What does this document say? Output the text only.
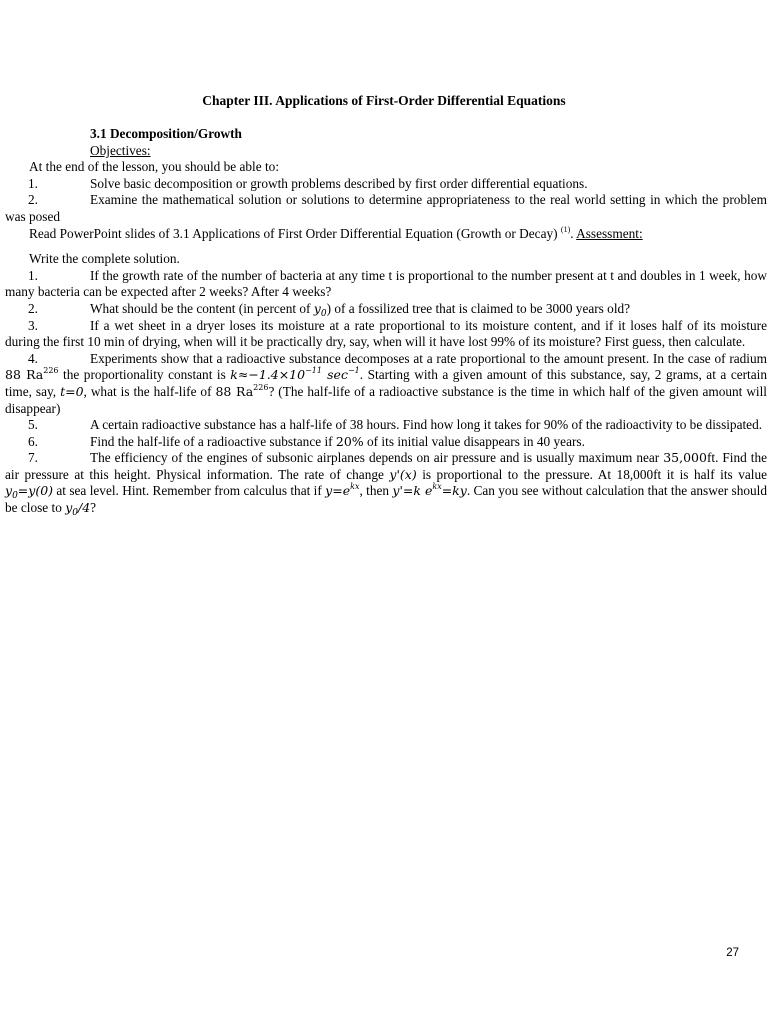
Chapter III. Applications of First-Order Differential Equations
3.1 Decomposition/Growth
Objectives:
At the end of the lesson, you should be able to:
1.	Solve basic decomposition or growth problems described by first order differential equations.
2.	Examine the mathematical solution or solutions to determine appropriateness to the real world setting in which the problem was posed
Read PowerPoint slides of 3.1 Applications of First Order Differential Equation (Growth or Decay) $^{(1)}$. Assessment:
Write the complete solution.
1.	If the growth rate of the number of bacteria at any time t is proportional to the number present at t and doubles in 1 week, how many bacteria can be expected after 2 weeks? After 4 weeks?
2.	What should be the content (in percent of $y_0$) of a fossilized tree that is claimed to be 3000 years old?
3.	If a wet sheet in a dryer loses its moisture at a rate proportional to its moisture content, and if it loses half of its moisture during the first 10 min of drying, when will it be practically dry, say, when will it have lost 99% of its moisture? First guess, then calculate.
4.	Experiments show that a radioactive substance decomposes at a rate proportional to the amount present. In the case of radium 88 Ra$^{226}$ the proportionality constant is $k\approx-1.4\times 10^{-11}$ $\sec^{-1}$. Starting with a given amount of this substance, say, 2 grams, at a certain time, say, t=0, what is the half-life of 88 Ra$^{226}$? (The half-life of a radioactive substance is the time in which half of the given amount will disappear)
5.	A certain radioactive substance has a half-life of 38 hours. Find how long it takes for 90% of the radioactivity to be dissipated.
6.	Find the half-life of a radioactive substance if 20% of its initial value disappears in 40 years.
7.	The efficiency of the engines of subsonic airplanes depends on air pressure and is usually maximum near 35,000ft. Find the air pressure at this height. Physical information. The rate of change y'(x) is proportional to the pressure. At 18,000ft it is half its value $y_0=y(0)$ at sea level. Hint. Remember from calculus that if $y=e^{kx}$, then y'=k $e^{kx}=ky$. Can you see without calculation that the answer should be close to $y_0/4$?
27
